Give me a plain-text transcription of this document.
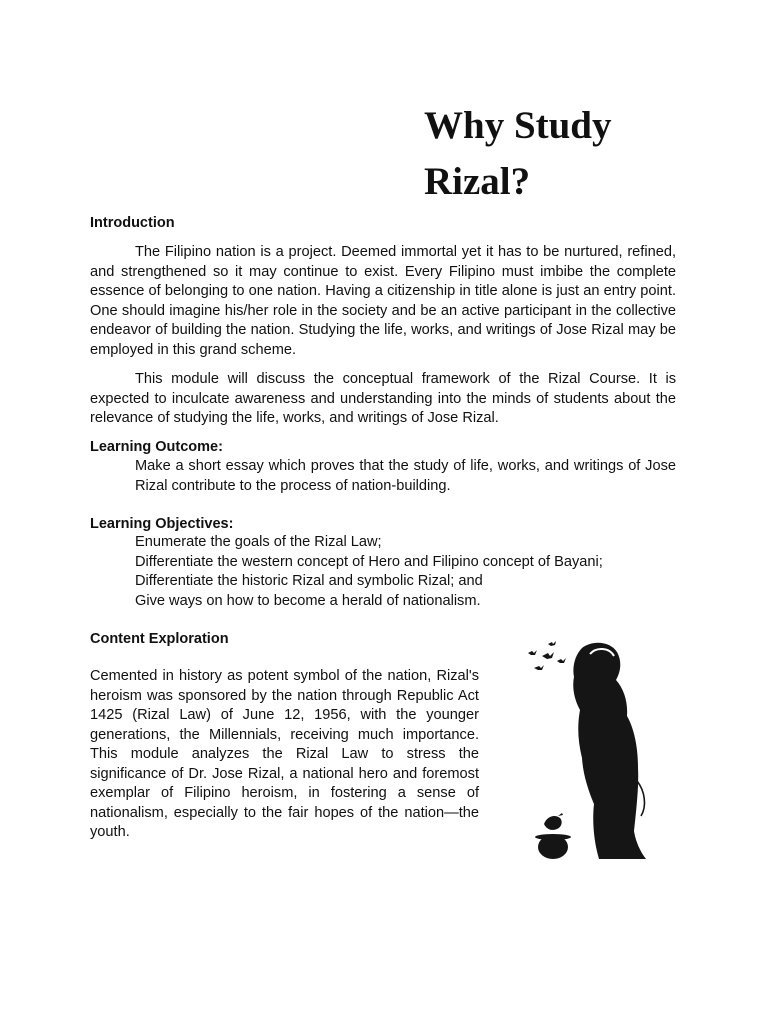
Why Study Rizal?
Introduction

The Filipino nation is a project. Deemed immortal yet it has to be nurtured, refined, and strengthened so it may continue to exist. Every Filipino must imbibe the complete essence of belonging to one nation. Having a citizenship in title alone is just an entry point. One should imagine his/her role in the society and be an active participant in the collective endeavor of building the nation. Studying the life, works, and writings of Jose Rizal may be employed in this grand scheme.

This module will discuss the conceptual framework of the Rizal Course. It is expected to inculcate awareness and understanding into the minds of students about the relevance of studying the life, works, and writings of Jose Rizal.

Learning Outcome:

Make a short essay which proves that the study of life, works, and writings of Jose Rizal contribute to the process of nation-building.

Learning Objectives:
Enumerate the goals of the Rizal Law;
Differentiate the western concept of Hero and Filipino concept of Bayani;
Differentiate the historic Rizal and symbolic Rizal; and
Give ways on how to become a herald of nationalism.
Content Exploration

Cemented in history as potent symbol of the nation, Rizal's heroism was sponsored by the nation through Republic Act 1425 (Rizal Law) of June 12, 1956, with the younger generations, the Millennials, receiving much importance. This module analyzes the Rizal Law to stress the significance of Dr. Jose Rizal, a national hero and foremost exemplar of Filipino heroism, in fostering a sense of nationalism, especially to the fair hopes of the nation—the youth.
